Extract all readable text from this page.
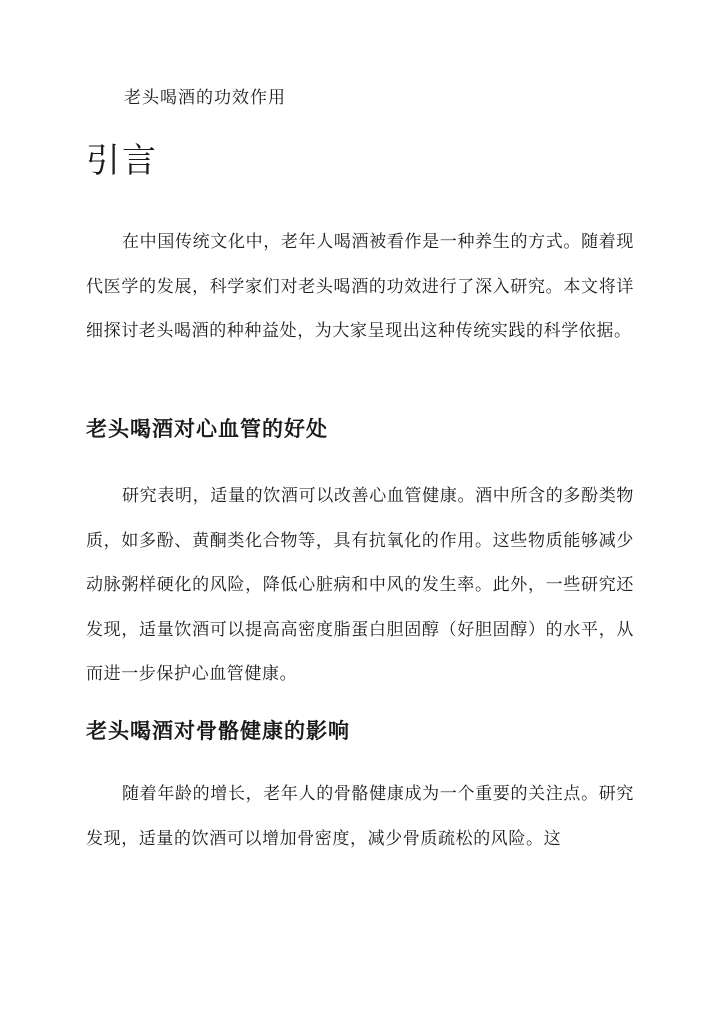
老头喝酒的功效作用

引言

在中国传统文化中，老年人喝酒被看作是一种养生的方式。随着现代医学的发展，科学家们对老头喝酒的功效进行了深入研究。本文将详细探讨老头喝酒的种种益处，为大家呈现出这种传统实践的科学依据。

老头喝酒对心血管的好处

研究表明，适量的饮酒可以改善心血管健康。酒中所含的多酚类物质，如多酚、黄酮类化合物等，具有抗氧化的作用。这些物质能够减少动脉粥样硬化的风险，降低心脏病和中风的发生率。此外，一些研究还发现，适量饮酒可以提高高密度脂蛋白胆固醇（好胆固醇）的水平，从而进一步保护心血管健康。

老头喝酒对骨骼健康的影响

随着年龄的增长，老年人的骨骼健康成为一个重要的关注点。研究发现，适量的饮酒可以增加骨密度，减少骨质疏松的风险。这
